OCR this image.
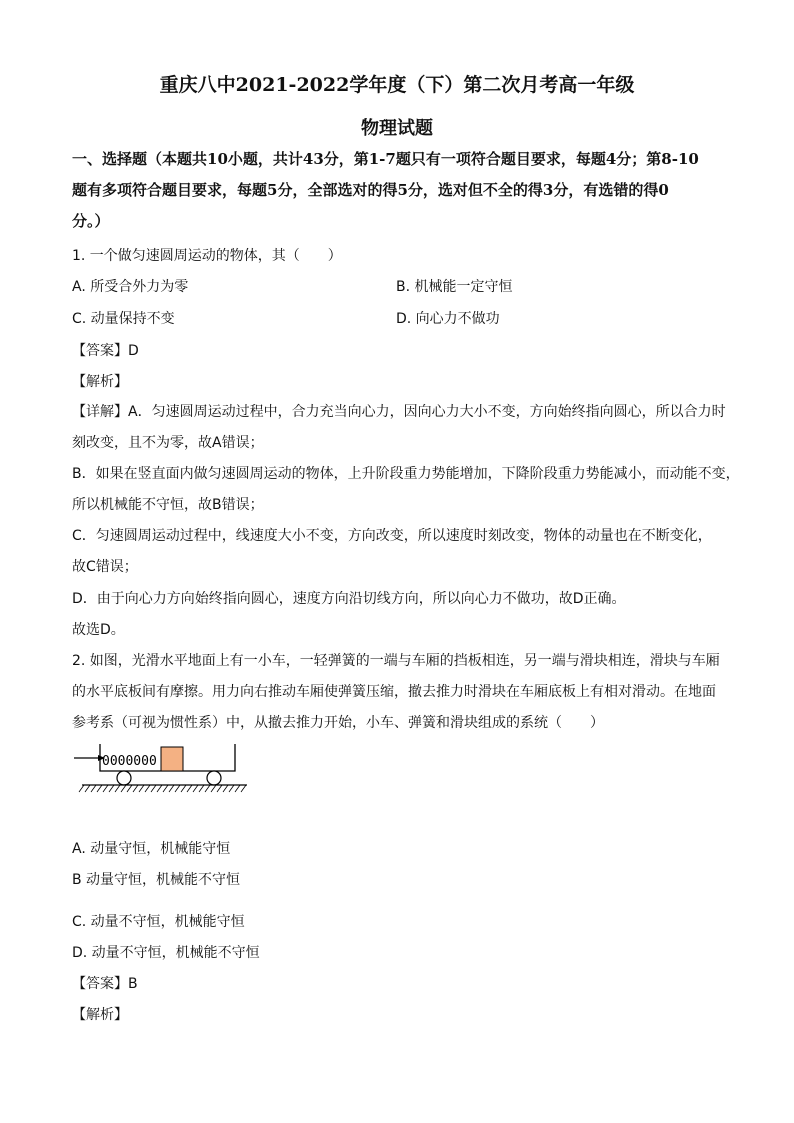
重庆八中2021-2022学年度（下）第二次月考高一年级
物理试题
一、选择题（本题共10小题，共计43分，第1-7题只有一项符合题目要求，每题4分；第8-10
题有多项符合题目要求，每题5分，全部选对的得5分，选对但不全的得3分，有选错的得0
分。）
1. 一个做匀速圆周运动的物体，其（　　）
A. 所受合外力为零	B. 机械能一定守恒
C. 动量保持不变	D. 向心力不做功
【答案】D
【解析】
【详解】A．匀速圆周运动过程中，合力充当向心力，因向心力大小不变，方向始终指向圆心，所以合力时
刻改变，且不为零，故A错误；
B．如果在竖直面内做匀速圆周运动的物体，上升阶段重力势能增加，下降阶段重力势能减小，而动能不变，
所以机械能不守恒，故B错误；
C．匀速圆周运动过程中，线速度大小不变，方向改变，所以速度时刻改变，物体的动量也在不断变化，
故C错误；
D．由于向心力方向始终指向圆心，速度方向沿切线方向，所以向心力不做功，故D正确。
故选D。
2. 如图，光滑水平地面上有一小车，一轻弹簧的一端与车厢的挡板相连，另一端与滑块相连，滑块与车厢
的水平底板间有摩擦。用力向右推动车厢使弹簧压缩，撤去推力时滑块在车厢底板上有相对滑动。在地面
参考系（可视为惯性系）中，从撤去推力开始，小车、弹簧和滑块组成的系统（　　）
0000000
A. 动量守恒，机械能守恒
B 动量守恒，机械能不守恒
C. 动量不守恒，机械能守恒
D. 动量不守恒，机械能不守恒
【答案】B
【解析】
